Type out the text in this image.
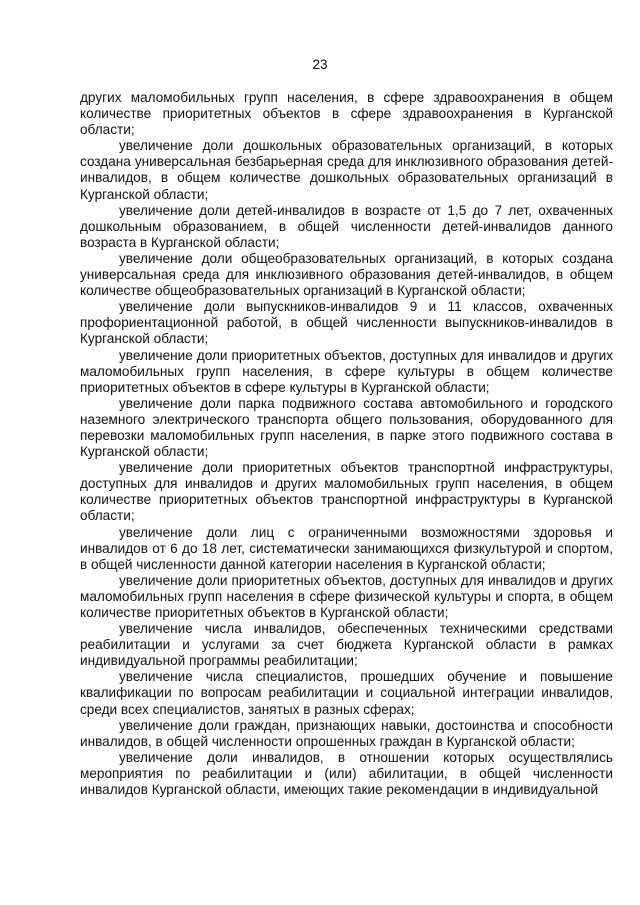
23

других маломобильных групп населения, в сфере здравоохранения в общем количестве приоритетных объектов в сфере здравоохранения в Курганской области;

увеличение доли дошкольных образовательных организаций, в которых создана универсальная безбарьерная среда для инклюзивного образования детей-инвалидов, в общем количестве дошкольных образовательных организаций в Курганской области;

увеличение доли детей-инвалидов в возрасте от 1,5 до 7 лет, охваченных дошкольным образованием, в общей численности детей-инвалидов данного возраста в Курганской области;

увеличение доли общеобразовательных организаций, в которых создана универсальная среда для инклюзивного образования детей-инвалидов, в общем количестве общеобразовательных организаций в Курганской области;

увеличение доли выпускников-инвалидов 9 и 11 классов, охваченных профориентационной работой, в общей численности выпускников-инвалидов в Курганской области;

увеличение доли приоритетных объектов, доступных для инвалидов и других маломобильных групп населения, в сфере культуры в общем количестве приоритетных объектов в сфере культуры в Курганской области;

увеличение доли парка подвижного состава автомобильного и городского наземного электрического транспорта общего пользования, оборудованного для перевозки маломобильных групп населения, в парке этого подвижного состава в Курганской области;

увеличение доли приоритетных объектов транспортной инфраструктуры, доступных для инвалидов и других маломобильных групп населения, в общем количестве приоритетных объектов транспортной инфраструктуры в Курганской области;

увеличение доли лиц с ограниченными возможностями здоровья и инвалидов от 6 до 18 лет, систематически занимающихся физкультурой и спортом, в общей численности данной категории населения в Курганской области;

увеличение доли приоритетных объектов, доступных для инвалидов и других маломобильных групп населения в сфере физической культуры и спорта, в общем количестве приоритетных объектов в Курганской области;

увеличение числа инвалидов, обеспеченных техническими средствами реабилитации и услугами за счет бюджета Курганской области в рамках индивидуальной программы реабилитации;

увеличение числа специалистов, прошедших обучение и повышение квалификации по вопросам реабилитации и социальной интеграции инвалидов, среди всех специалистов, занятых в разных сферах;

увеличение доли граждан, признающих навыки, достоинства и способности инвалидов, в общей численности опрошенных граждан в Курганской области;

увеличение доли инвалидов, в отношении которых осуществлялись мероприятия по реабилитации и (или) абилитации, в общей численности инвалидов Курганской области, имеющих такие рекомендации в индивидуальной
